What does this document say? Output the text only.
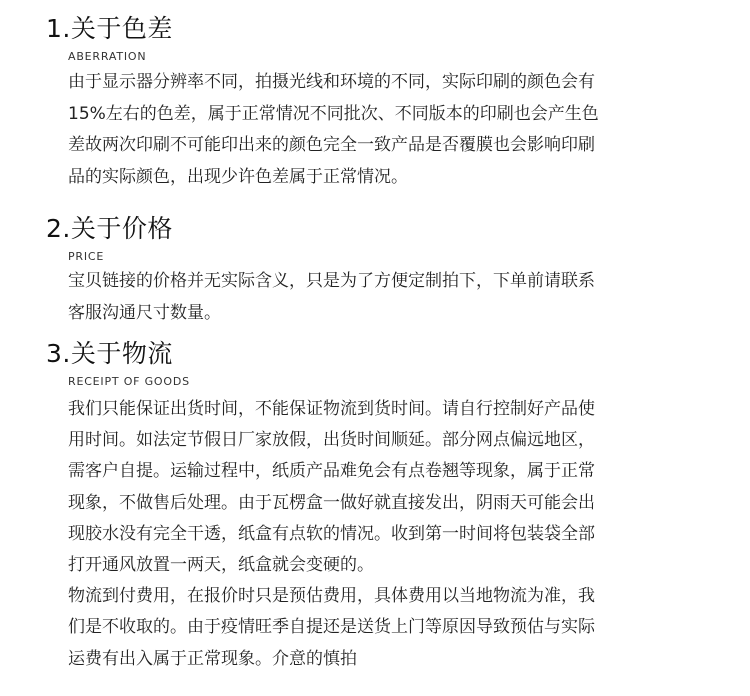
1.关于色差
ABERRATION
由于显示器分辨率不同，拍摄光线和环境的不同，实际印刷的颜色会有
15%左右的色差，属于正常情况不同批次、不同版本的印刷也会产生色
差故两次印刷不可能印出来的颜色完全一致产品是否覆膜也会影响印刷
品的实际颜色，出现少许色差属于正常情况。
2.关于价格
PRICE
宝贝链接的价格并无实际含义，只是为了方便定制拍下，下单前请联系
客服沟通尺寸数量。
3.关于物流
RECEIPT OF GOODS
我们只能保证出货时间，不能保证物流到货时间。请自行控制好产品使
用时间。如法定节假日厂家放假，出货时间顺延。部分网点偏远地区，
需客户自提。运输过程中，纸质产品难免会有点卷翘等现象，属于正常
现象，不做售后处理。由于瓦楞盒一做好就直接发出，阴雨天可能会出
现胶水没有完全干透，纸盒有点软的情况。收到第一时间将包装袋全部
打开通风放置一两天，纸盒就会变硬的。
物流到付费用，在报价时只是预估费用，具体费用以当地物流为准，我
们是不收取的。由于疫情旺季自提还是送货上门等原因导致预估与实际
运费有出入属于正常现象。介意的慎拍
